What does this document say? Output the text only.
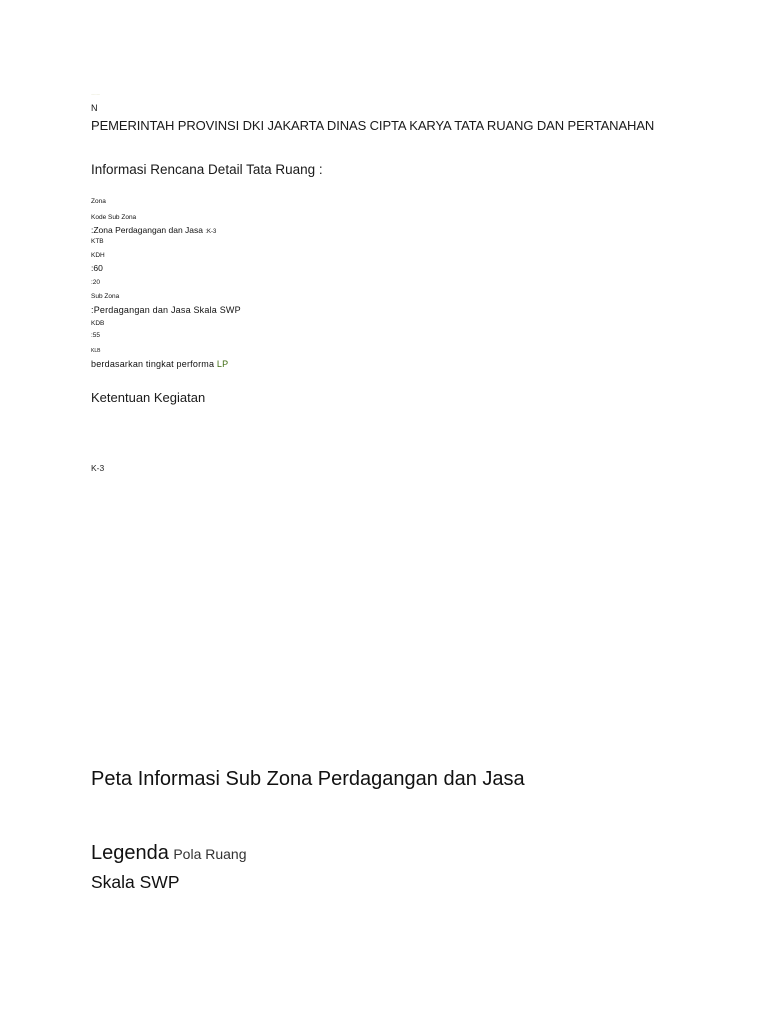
...........
N
PEMERINTAH PROVINSI DKI JAKARTA DINAS CIPTA KARYA TATA RUANG DAN PERTANAHAN
Informasi Rencana Detail Tata Ruang :
Zona
Kode Sub Zona
:Zona Perdagangan dan Jasa :K-3
KTB
KDH
:60
:20
Sub Zona
:Perdagangan dan Jasa Skala SWP
KDB
:55
KLB
berdasarkan tingkat performa LP
Ketentuan Kegiatan
K-3
Peta Informasi Sub Zona Perdagangan dan Jasa
Legenda Pola Ruang
Skala SWP
